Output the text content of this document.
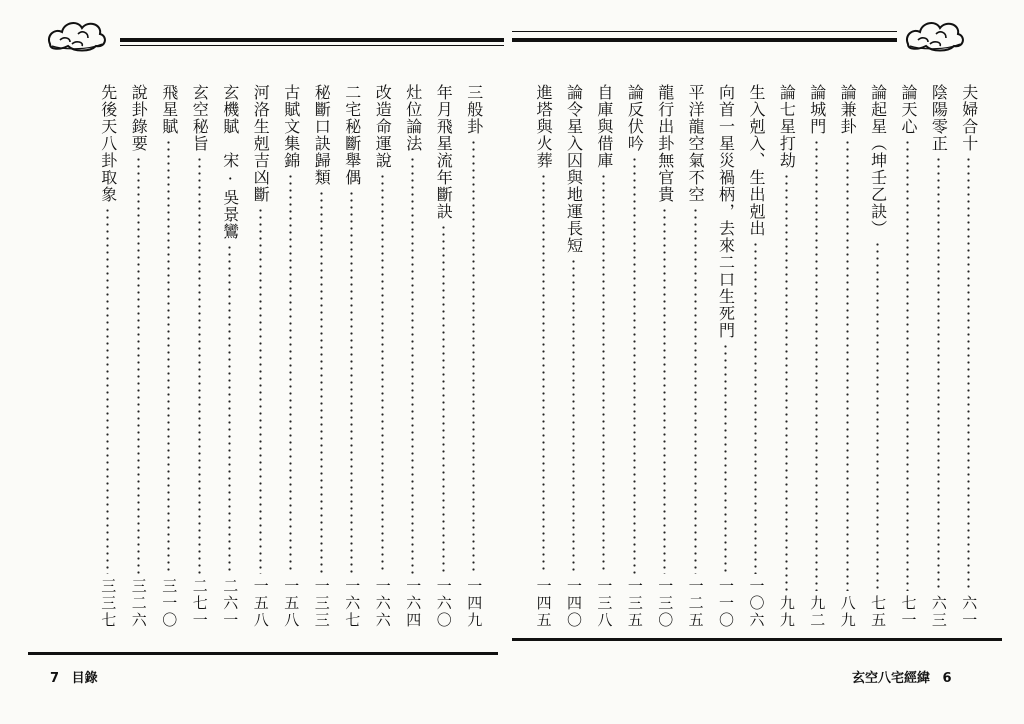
三般卦
一四九
年月飛星流年斷訣
一六〇
灶位論法
一六四
改造命運說
一六六
二宅秘斷舉偶
一六七
秘斷口訣歸類
一三三
古賦文集錦
一五八
河洛生剋吉凶斷
一五八
玄機賦　宋·吳景鸞
二六一
玄空秘旨
二七一
飛星賦
三一〇
說卦錄要
三二六
先後天八卦取象
三三七
7 目錄
夫婦合十
六一
陰陽零正
六三
論天心
七一
論起星（坤壬乙訣）
七五
論兼卦
八九
論城門
九二
論七星打劫
九九
生入剋入、生出剋出
一〇六
向首一星災禍柄，去來二口生死門
一一〇
平洋龍空氣不空
一二五
龍行出卦無官貴
一三〇
論反伏吟
一三五
自庫與借庫
一三八
論令星入囚與地運長短
一四〇
進塔與火葬
一四五
玄空八宅經緯 6
